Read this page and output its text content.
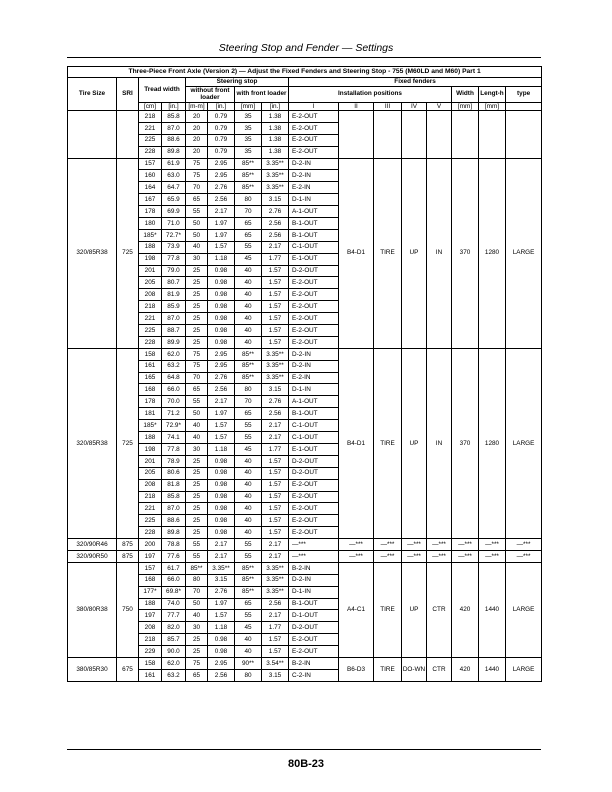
Steering Stop and Fender — Settings
Three-Piece Front Axle (Version 2) — Adjust the Fixed Fenders and Steering Stop - 755 (M60LD and M60) Part 1															
Tire Size	SRI	Tread width		Steering stop				Fixed fenders							
				without front loader		with front loader		Installation positions					Width	Lengt-h	type
		[cm]	[in.]	[m-m]	[in.]	[mm]	[in.]	I	II	III	IV	V	[mm]	[mm]	
		218	85.8	20	0.79	35	1.38	E-2-OUT							
		221	87.0	20	0.79	35	1.38	E-2-OUT							
		225	88.6	20	0.79	35	1.38	E-2-OUT							
		228	89.8	20	0.79	35	1.38	E-2-OUT							
320/85R38	725	157	61.9	75	2.95	85**	3.35**	D-2-IN	B4-D1	TIRE	UP	IN	370	1280	LARGE
		160	63.0	75	2.95	85**	3.35**	D-2-IN							
		164	64.7	70	2.76	85**	3.35**	E-2-IN							
		167	65.9	65	2.56	80	3.15	D-1-IN							
		178	69.9	55	2.17	70	2.76	A-1-OUT							
		180	71.0	50	1.97	65	2.56	B-1-OUT							
		185*	72.7*	50	1.97	65	2.56	B-1-OUT							
		188	73.9	40	1.57	55	2.17	C-1-OUT							
		198	77.8	30	1.18	45	1.77	E-1-OUT							
		201	79.0	25	0.98	40	1.57	D-2-OUT							
		205	80.7	25	0.98	40	1.57	E-2-OUT							
		208	81.9	25	0.98	40	1.57	E-2-OUT							
		218	85.9	25	0.98	40	1.57	E-2-OUT							
		221	87.0	25	0.98	40	1.57	E-2-OUT							
		225	88.7	25	0.98	40	1.57	E-2-OUT							
		228	89.9	25	0.98	40	1.57	E-2-OUT							
320/85R38	725	158	62.0	75	2.95	85**	3.35**	D-2-IN	B4-D1	TIRE	UP	IN	370	1280	LARGE
		161	63.2	75	2.95	85**	3.35**	D-2-IN							
		165	64.8	70	2.76	85**	3.35**	E-2-IN							
		168	66.0	65	2.56	80	3.15	D-1-IN							
		178	70.0	55	2.17	70	2.76	A-1-OUT							
		181	71.2	50	1.97	65	2.56	B-1-OUT							
		185*	72.9*	40	1.57	55	2.17	C-1-OUT							
		188	74.1	40	1.57	55	2.17	C-1-OUT							
		198	77.8	30	1.18	45	1.77	E-1-OUT							
		201	78.9	25	0.98	40	1.57	D-2-OUT							
		205	80.6	25	0.98	40	1.57	D-2-OUT							
		208	81.8	25	0.98	40	1.57	E-2-OUT							
		218	85.8	25	0.98	40	1.57	E-2-OUT							
		221	87.0	25	0.98	40	1.57	E-2-OUT							
		225	88.6	25	0.98	40	1.57	E-2-OUT							
		228	89.8	25	0.98	40	1.57	E-2-OUT							
320/90R46	875	200	78.8	55	2.17	55	2.17	—***	—***	—***	—***	—***	—***	—***	—***
320/90R50	875	197	77.6	55	2.17	55	2.17	—***	—***	—***	—***	—***	—***	—***	—***
380/80R38	750	157	61.7	85**	3.35**	85**	3.35**	B-2-IN	A4-C1	TIRE	UP	CTR	420	1440	LARGE
		168	66.0	80	3.15	85**	3.35**	D-2-IN							
		177*	69.8*	70	2.76	85**	3.35**	D-1-IN							
		188	74.0	50	1.97	65	2.56	B-1-OUT							
		197	77.7	40	1.57	55	2.17	D-1-OUT							
		208	82.0	30	1.18	45	1.77	D-2-OUT							
		218	85.7	25	0.98	40	1.57	E-2-OUT							
		229	90.0	25	0.98	40	1.57	E-2-OUT							
380/85R30	675	158	62.0	75	2.95	90**	3.54**	B-2-IN	B6-D3	TIRE	DO-WN	CTR	420	1440	LARGE
		161	63.2	65	2.56	80	3.15	C-2-IN							
80B-23
